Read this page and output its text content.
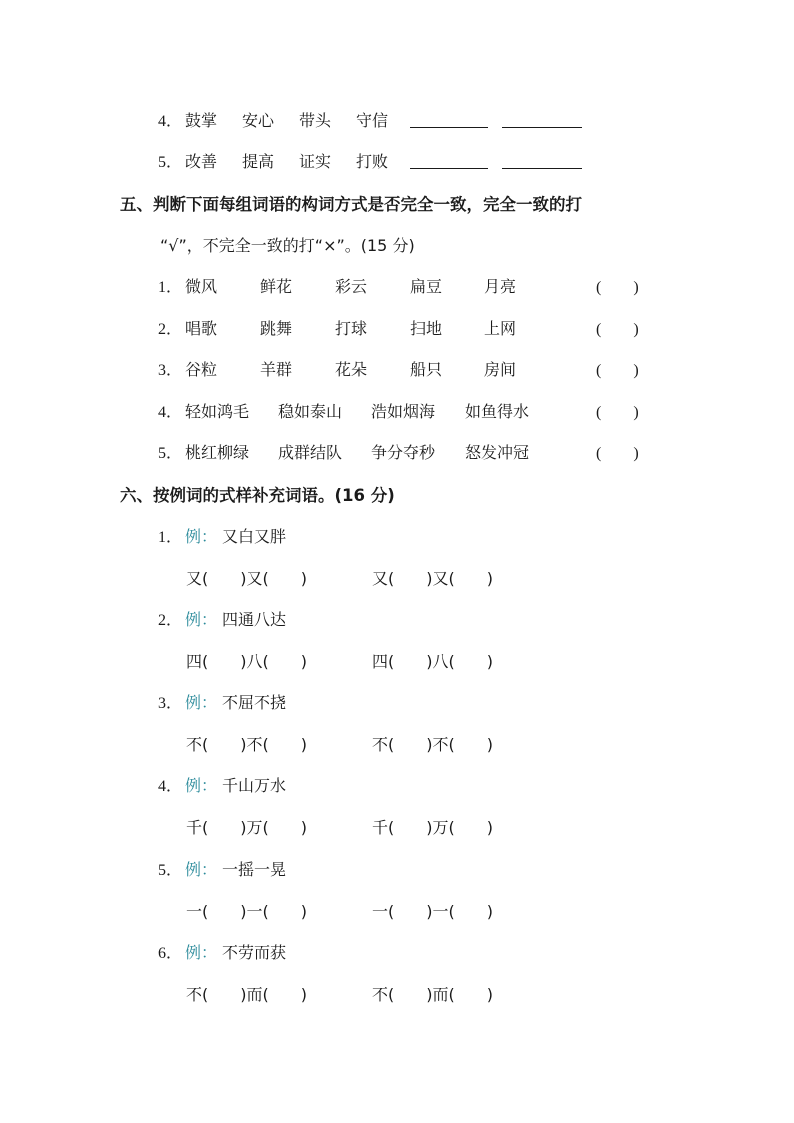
4． 鼓掌 安心 带头 守信
5． 改善 提高 证实 打败
五、判断下面每组词语的构词方式是否完全一致，完全一致的打
“√”，不完全一致的打“×”。(15 分)
1． 微风	鲜花	彩云	扁豆	月亮	(　　)
2． 唱歌	跳舞	打球	扫地	上网	(　　)
3． 谷粒	羊群	花朵	船只	房间	(　　)
4． 轻如鸿毛 稳如泰山 浩如烟海 如鱼得水	(　　)
5． 桃红柳绿 成群结队 争分夺秒 怒发冲冠	(　　)
六、按例词的式样补充词语。(16 分)
1． 例： 又白又胖
又(　　)又(　　)	又(　　)又(　　)
2． 例： 四通八达
四(　　)八(　　)	四(　　)八(　　)
3． 例： 不屈不挠
不(　　)不(　　)	不(　　)不(　　)
4． 例： 千山万水
千(　　)万(　　)	千(　　)万(　　)
5． 例： 一摇一晃
一(　　)一(　　)	一(　　)一(　　)
6． 例： 不劳而获
不(　　)而(　　)	不(　　)而(　　)
